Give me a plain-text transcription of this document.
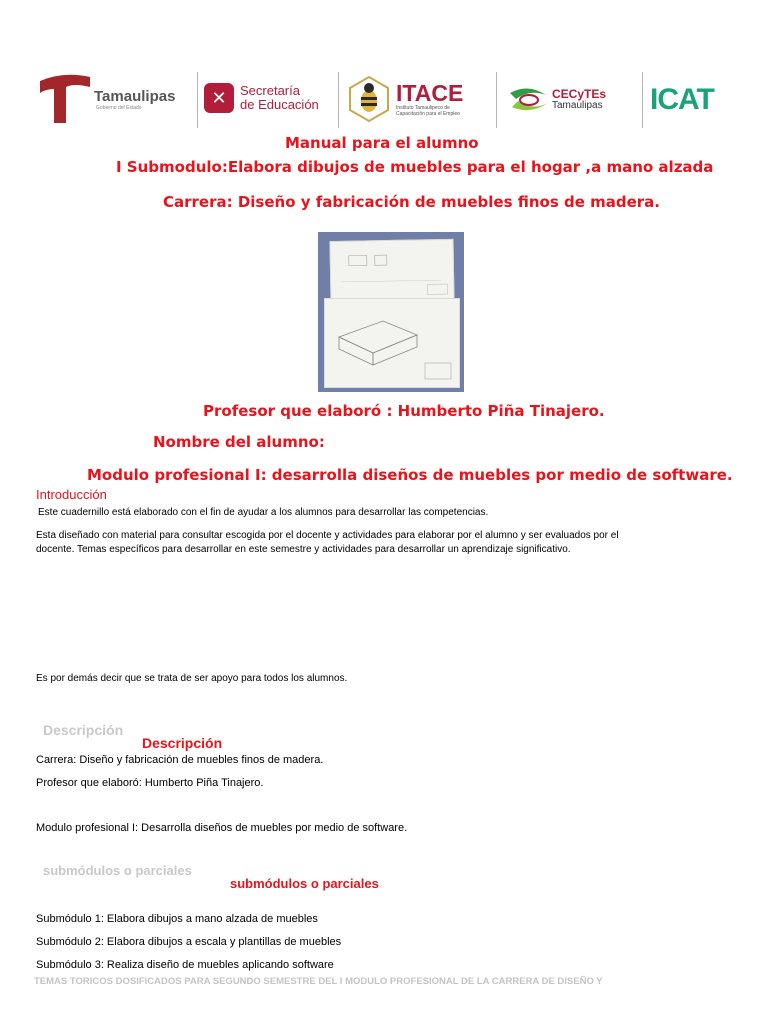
Tamaulipas
Gobierno del Estado	✕	Secretaría
de Educación	ITACE
Instituto Tamaulipeco de
Capacitación para el Empleo
CECyTEs
Tamaulipas ICAT
Manual para el alumno
I Submodulo:Elabora dibujos de muebles para el hogar ,a mano alzada
Carrera: Diseño y fabricación de muebles finos de madera.
Profesor que elaboró : Humberto Piña Tinajero.
Nombre del alumno:
Modulo profesional I: desarrolla diseños de muebles por medio de software.
Introducción
Este cuadernillo está elaborado con el fin de ayudar a los alumnos para desarrollar las competencias.
Esta diseñado con material para consultar escogida por el docente y actividades para elaborar por el alumno y ser evaluados por el
docente. Temas específicos para desarrollar en este semestre y actividades para desarrollar un aprendizaje significativo.
Es por demás decir que se trata de ser apoyo para todos los alumnos.
Descripción
Descripción
Carrera: Diseño y fabricación de muebles finos de madera.
Profesor que elaboró: Humberto Piña Tinajero.
Modulo profesional I: Desarrolla diseños de muebles por medio de software.
submódulos o parciales
submódulos o parciales
Submódulo 1: Elabora dibujos a mano alzada de muebles
Submódulo 2: Elabora dibujos a escala y plantillas de muebles
Submódulo 3: Realiza diseño de muebles aplicando software
TEMAS TORICOS DOSIFICADOS PARA SEGUNDO SEMESTRE DEL I MODULO PROFESIONAL DE LA CARRERA DE DISEÑO Y
